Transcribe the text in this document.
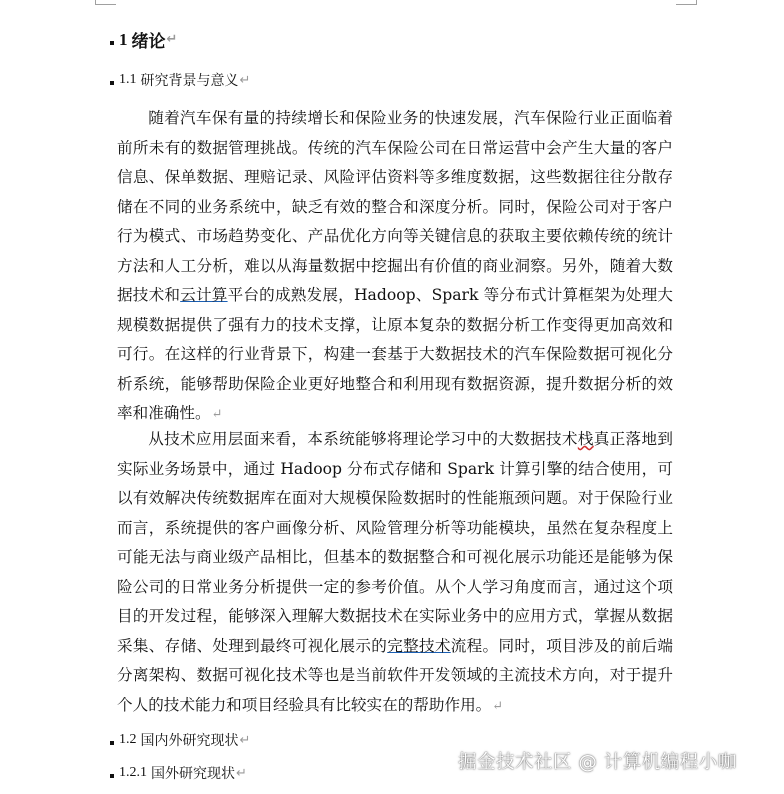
1 绪论 ↵
1.1 研究背景与意义 ↵

随着汽车保有量的持续增长和保险业务的快速发展，汽车保险行业正面临着前所未有的数据管理挑战。传统的汽车保险公司在日常运营中会产生大量的客户信息、保单数据、理赔记录、风险评估资料等多维度数据，这些数据往往分散存储在不同的业务系统中，缺乏有效的整合和深度分析。同时，保险公司对于客户行为模式、市场趋势变化、产品优化方向等关键信息的获取主要依赖传统的统计方法和人工分析，难以从海量数据中挖掘出有价值的商业洞察。另外，随着大数据技术和云计算平台的成熟发展，Hadoop、Spark 等分布式计算框架为处理大规模数据提供了强有力的技术支撑，让原本复杂的数据分析工作变得更加高效和可行。在这样的行业背景下，构建一套基于大数据技术的汽车保险数据可视化分析系统，能够帮助保险企业更好地整合和利用现有数据资源，提升数据分析的效率和准确性。↵

从技术应用层面来看，本系统能够将理论学习中的大数据技术栈真正落地到实际业务场景中，通过 Hadoop 分布式存储和 Spark 计算引擎的结合使用，可以有效解决传统数据库在面对大规模保险数据时的性能瓶颈问题。对于保险行业而言，系统提供的客户画像分析、风险管理分析等功能模块，虽然在复杂程度上可能无法与商业级产品相比，但基本的数据整合和可视化展示功能还是能够为保险公司的日常业务分析提供一定的参考价值。从个人学习角度而言，通过这个项目的开发过程，能够深入理解大数据技术在实际业务中的应用方式，掌握从数据采集、存储、处理到最终可视化展示的完整技术流程。同时，项目涉及的前后端分离架构、数据可视化技术等也是当前软件开发领域的主流技术方向，对于提升个人的技术能力和项目经验具有比较实在的帮助作用。↵

1.2 国内外研究现状 ↵
1.2.1 国外研究现状 ↵	掘金技术社区 @ 计算机编程小咖
